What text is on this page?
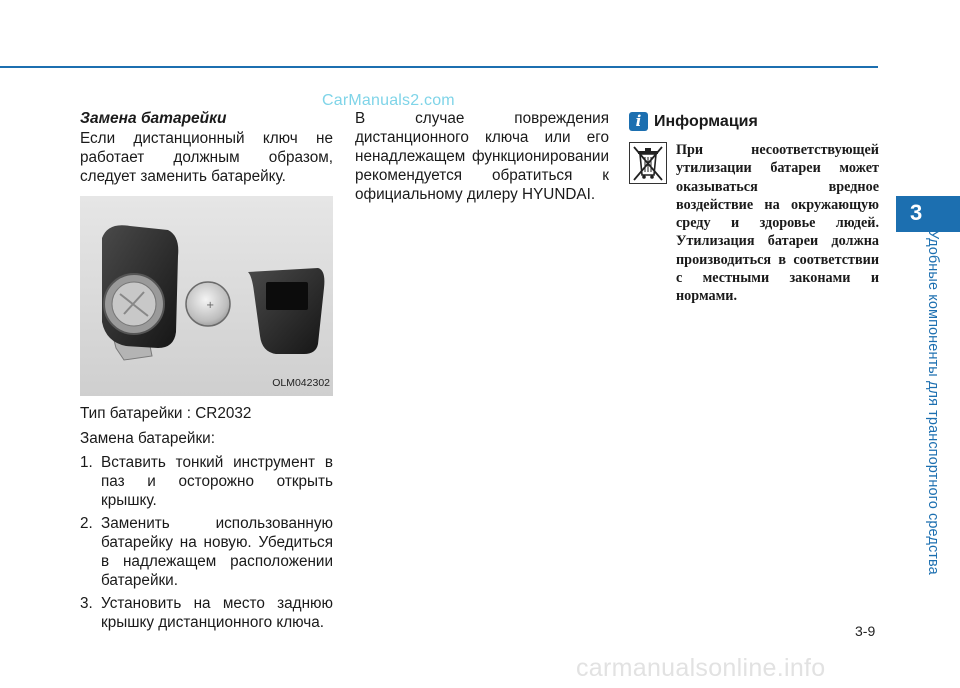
CarManuals2.com

Замена батарейки

Если дистанционный ключ не работает должным образом, следует заменить батарейку.

+
OLM042302

Тип батарейки : CR2032

Замена батарейки:

1. Вставить тонкий инструмент в паз и осторожно открыть крышку.
2. Заменить использованную батарейку на новую. Убедиться в надлежащем расположении батарейки.
3. Установить на место заднюю крышку дистанционного ключа.

В случае повреждения дистанционного ключа или его ненадлежащем функционировании рекомендуется обратиться к официальному дилеру HYUNDAI.

i Информация
При несоответствующей утилизации батареи может оказываться вредное воздействие на окружающую среду и здоровье людей. Утилизация батареи должна производиться в соответствии с местными законами и нормами.
3
Удобные компоненты для транспортного средства
3-9
carmanualsonline.info
